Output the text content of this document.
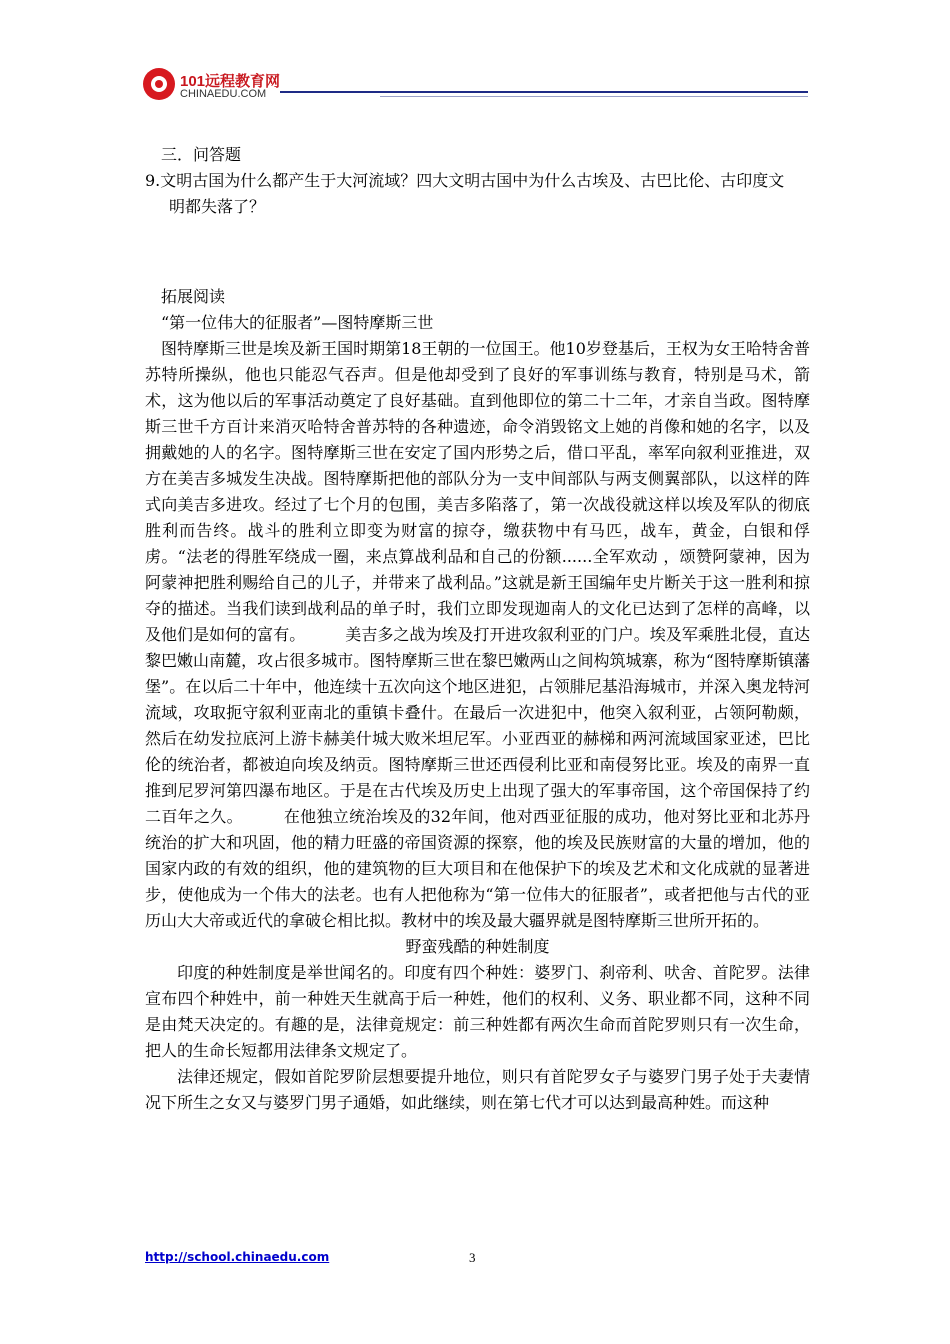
101远程教育网
CHINAEDU.COM

三．问答题

9.文明古国为什么都产生于大河流域？四大文明古国中为什么古埃及、古巴比伦、古印度文

明都失落了？

拓展阅读

“第一位伟大的征服者”—图特摩斯三世

图特摩斯三世是埃及新王国时期第18王朝的一位国王。他10岁登基后，王权为女王哈特舍普苏特所操纵，他也只能忍气吞声。但是他却受到了良好的军事训练与教育，特别是马术，箭术，这为他以后的军事活动奠定了良好基础。直到他即位的第二十二年，才亲自当政。图特摩斯三世千方百计来消灭哈特舍普苏特的各种遗迹，命令消毁铭文上她的肖像和她的名字，以及拥戴她的人的名字。图特摩斯三世在安定了国内形势之后，借口平乱，率军向叙利亚推进，双方在美吉多城发生决战。图特摩斯把他的部队分为一支中间部队与两支侧翼部队，以这样的阵式向美吉多进攻。经过了七个月的包围，美吉多陷落了，第一次战役就这样以埃及军队的彻底胜利而告终。战斗的胜利立即变为财富的掠夺，缴获物中有马匹，战车，黄金，白银和俘虏。“法老的得胜军绕成一圈，来点算战利品和自己的份额......全军欢动 ，颂赞阿蒙神，因为阿蒙神把胜利赐给自己的儿子，并带来了战利品。”这就是新王国编年史片断关于这一胜利和掠夺的描述。当我们读到战利品的单子时，我们立即发现迦南人的文化已达到了怎样的高峰，以及他们是如何的富有。　　　美吉多之战为埃及打开进攻叙利亚的门户。埃及军乘胜北侵，直达黎巴嫩山南麓，攻占很多城市。图特摩斯三世在黎巴嫩两山之间构筑城寨，称为“图特摩斯镇藩堡”。在以后二十年中，他连续十五次向这个地区进犯，占领腓尼基沿海城市，并深入奥龙特河流域，攻取扼守叙利亚南北的重镇卡叠什。在最后一次进犯中，他突入叙利亚，占领阿勒颇，然后在幼发拉底河上游卡赫美什城大败米坦尼军。小亚西亚的赫梯和两河流域国家亚述，巴比伦的统治者，都被迫向埃及纳贡。图特摩斯三世还西侵利比亚和南侵努比亚。埃及的南界一直推到尼罗河第四瀑布地区。于是在古代埃及历史上出现了强大的军事帝国，这个帝国保持了约二百年之久。　　　在他独立统治埃及的32年间，他对西亚征服的成功，他对努比亚和北苏丹统治的扩大和巩固，他的精力旺盛的帝国资源的探察，他的埃及民族财富的大量的增加，他的国家内政的有效的组织，他的建筑物的巨大项目和在他保护下的埃及艺术和文化成就的显著进步，使他成为一个伟大的法老。也有人把他称为“第一位伟大的征服者”，或者把他与古代的亚历山大大帝或近代的拿破仑相比拟。教材中的埃及最大疆界就是图特摩斯三世所开拓的。

野蛮残酷的种姓制度

印度的种姓制度是举世闻名的。印度有四个种姓：婆罗门、刹帝利、吠舍、首陀罗。法律宣布四个种姓中，前一种姓天生就高于后一种姓，他们的权利、义务、职业都不同，这种不同是由梵天决定的。有趣的是，法律竟规定：前三种姓都有两次生命而首陀罗则只有一次生命，把人的生命长短都用法律条文规定了。

法律还规定，假如首陀罗阶层想要提升地位，则只有首陀罗女子与婆罗门男子处于夫妻情况下所生之女又与婆罗门男子通婚，如此继续，则在第七代才可以达到最高种姓。而这种

http://school.chinaedu.com	3
